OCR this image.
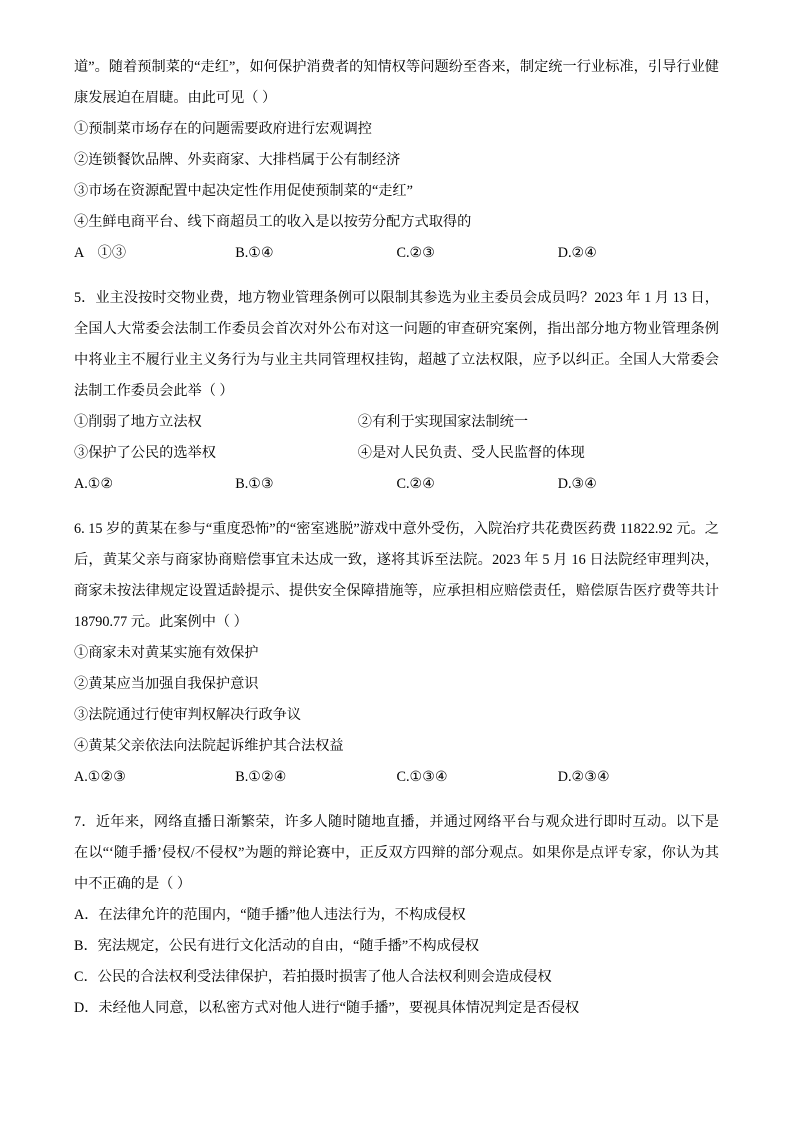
道”。随着预制菜的“走红”，如何保护消费者的知情权等问题纷至沓来，制定统一行业标准，引导行业健康发展迫在眉睫。由此可见（ ）

①预制菜市场存在的问题需要政府进行宏观调控

②连锁餐饮品牌、外卖商家、大排档属于公有制经济

③市场在资源配置中起决定性作用促使预制菜的“走红”

④生鲜电商平台、线下商超员工的收入是以按劳分配方式取得的

A　①③	B.①④	C.②③	D.②④

5．业主没按时交物业费，地方物业管理条例可以限制其参选为业主委员会成员吗？2023 年 1 月 13 日，全国人大常委会法制工作委员会首次对外公布对这一问题的审查研究案例，指出部分地方物业管理条例中将业主不履行业主义务行为与业主共同管理权挂钩，超越了立法权限，应予以纠正。全国人大常委会法制工作委员会此举（ ）

①削弱了地方立法权	②有利于实现国家法制统一
③保护了公民的选举权	④是对人民负责、受人民监督的体现
A.①②	B.①③	C.②④	D.③④

6. 15 岁的黄某在参与“重度恐怖”的“密室逃脱”游戏中意外受伤，入院治疗共花费医药费 11822.92 元。之后，黄某父亲与商家协商赔偿事宜未达成一致，遂将其诉至法院。2023 年 5 月 16 日法院经审理判决，商家未按法律规定设置适龄提示、提供安全保障措施等，应承担相应赔偿责任，赔偿原告医疗费等共计 18790.77 元。此案例中（ ）

①商家未对黄某实施有效保护

②黄某应当加强自我保护意识

③法院通过行使审判权解决行政争议

④黄某父亲依法向法院起诉维护其合法权益

A.①②③	B.①②④	C.①③④	D.②③④

7．近年来，网络直播日渐繁荣，许多人随时随地直播，并通过网络平台与观众进行即时互动。以下是在以“‘随手播’侵权/不侵权”为题的辩论赛中，正反双方四辩的部分观点。如果你是点评专家，你认为其中不正确的是（ ）

A．在法律允许的范围内，“随手播”他人违法行为，不构成侵权

B．宪法规定，公民有进行文化活动的自由，“随手播”不构成侵权

C．公民的合法权利受法律保护，若拍摄时损害了他人合法权利则会造成侵权

D．未经他人同意，以私密方式对他人进行“随手播”，要视具体情况判定是否侵权
